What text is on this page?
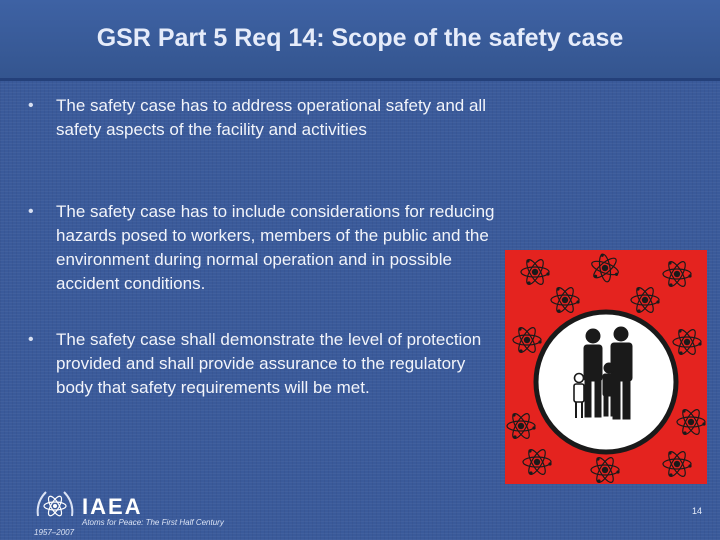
GSR Part 5 Req 14: Scope of the safety case
• The safety case has to address operational safety and all safety aspects of the facility and activities
• The safety case has to include considerations for reducing hazards posed to workers, members of the public and the environment during normal operation and in possible accident conditions.
• The safety case shall demonstrate the level of protection provided and shall provide assurance to the regulatory body that safety requirements will be met.
IAEA
Atoms for Peace: The First Half Century
1957–2007
14
